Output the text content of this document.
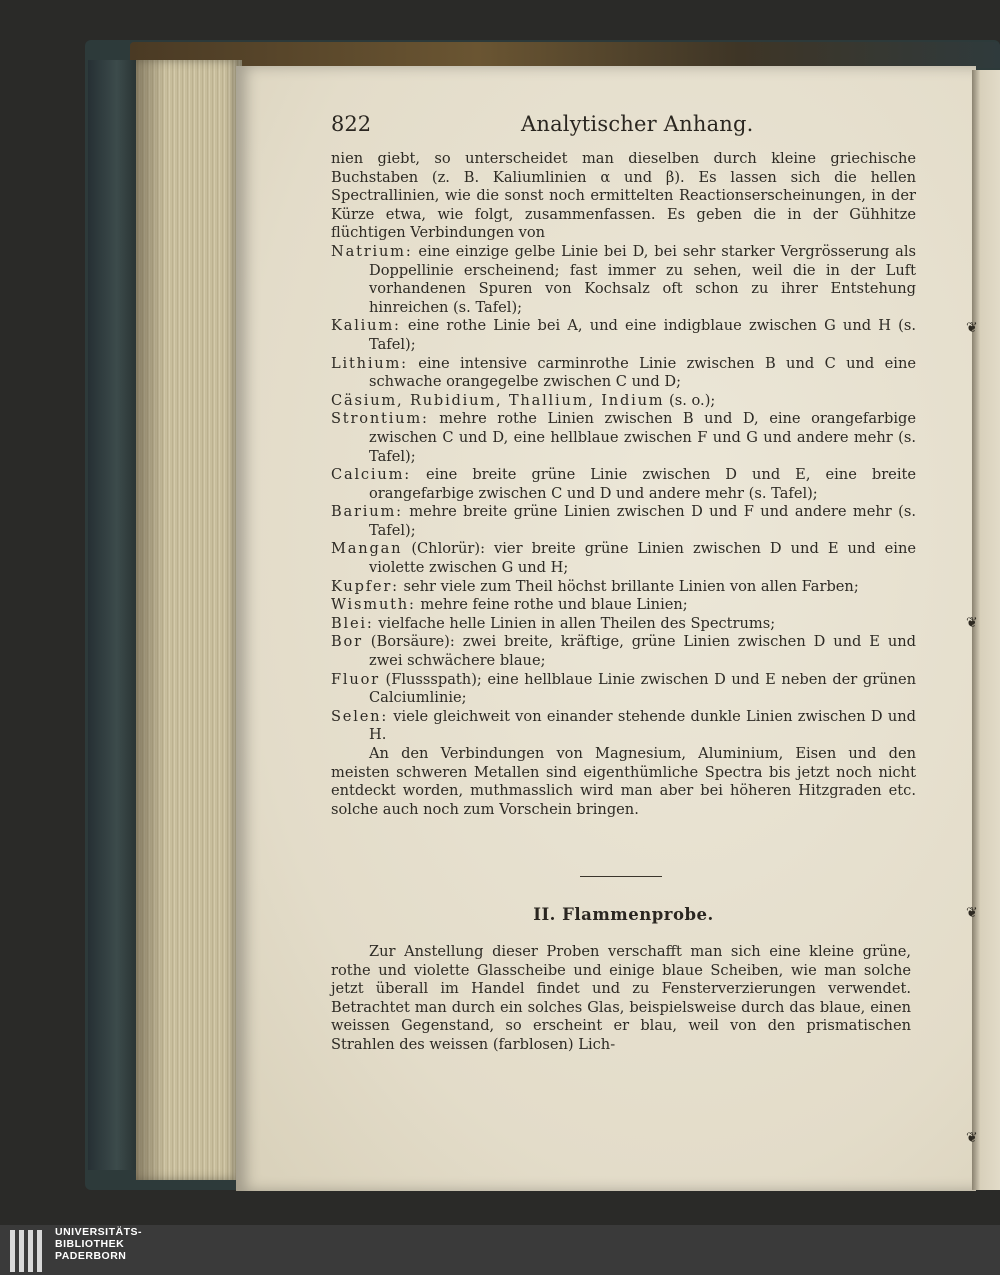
❦
❦
❦
❦
822	Analytischer Anhang.

nien giebt, so unterscheidet man dieselben durch kleine griechische Buchstaben (z. B. Kaliumlinien α und β). Es lassen sich die hellen Spectrallinien, wie die sonst noch ermittelten Reactionserscheinungen, in der Kürze etwa, wie folgt, zusammenfassen. Es geben die in der Gühhitze flüchtigen Verbindungen von

Natrium: eine einzige gelbe Linie bei D, bei sehr starker Vergrösserung als Doppellinie erscheinend; fast immer zu sehen, weil die in der Luft vorhandenen Spuren von Kochsalz oft schon zu ihrer Entstehung hinreichen (s. Tafel);

Kalium: eine rothe Linie bei A, und eine indigblaue zwischen G und H (s. Tafel);

Lithium: eine intensive carminrothe Linie zwischen B und C und eine schwache orangegelbe zwischen C und D;

Cäsium, Rubidium, Thallium, Indium (s. o.);

Strontium: mehre rothe Linien zwischen B und D, eine orangefarbige zwischen C und D, eine hellblaue zwischen F und G und andere mehr (s. Tafel);

Calcium: eine breite grüne Linie zwischen D und E, eine breite orangefarbige zwischen C und D und andere mehr (s. Tafel);

Barium: mehre breite grüne Linien zwischen D und F und andere mehr (s. Tafel);

Mangan (Chlorür): vier breite grüne Linien zwischen D und E und eine violette zwischen G und H;

Kupfer: sehr viele zum Theil höchst brillante Linien von allen Farben;

Wismuth: mehre feine rothe und blaue Linien;

Blei: vielfache helle Linien in allen Theilen des Spectrums;

Bor (Borsäure): zwei breite, kräftige, grüne Linien zwischen D und E und zwei schwächere blaue;

Fluor (Flussspath); eine hellblaue Linie zwischen D und E neben der grünen Calciumlinie;

Selen: viele gleichweit von einander stehende dunkle Linien zwischen D und H.

An den Verbindungen von Magnesium, Aluminium, Eisen und den meisten schweren Metallen sind eigenthümliche Spectra bis jetzt noch nicht entdeckt worden, muthmasslich wird man aber bei höheren Hitzgraden etc. solche auch noch zum Vorschein bringen.

II. Flammenprobe.

Zur Anstellung dieser Proben verschafft man sich eine kleine grüne, rothe und violette Glasscheibe und einige blaue Scheiben, wie man solche jetzt überall im Handel findet und zu Fensterverzierungen verwendet. Betrachtet man durch ein solches Glas, beispielsweise durch das blaue, einen weissen Gegenstand, so erscheint er blau, weil von den prismatischen Strahlen des weissen (farblosen) Lich-

UNIVERSITÄTS-
BIBLIOTHEK
PADERBORN
